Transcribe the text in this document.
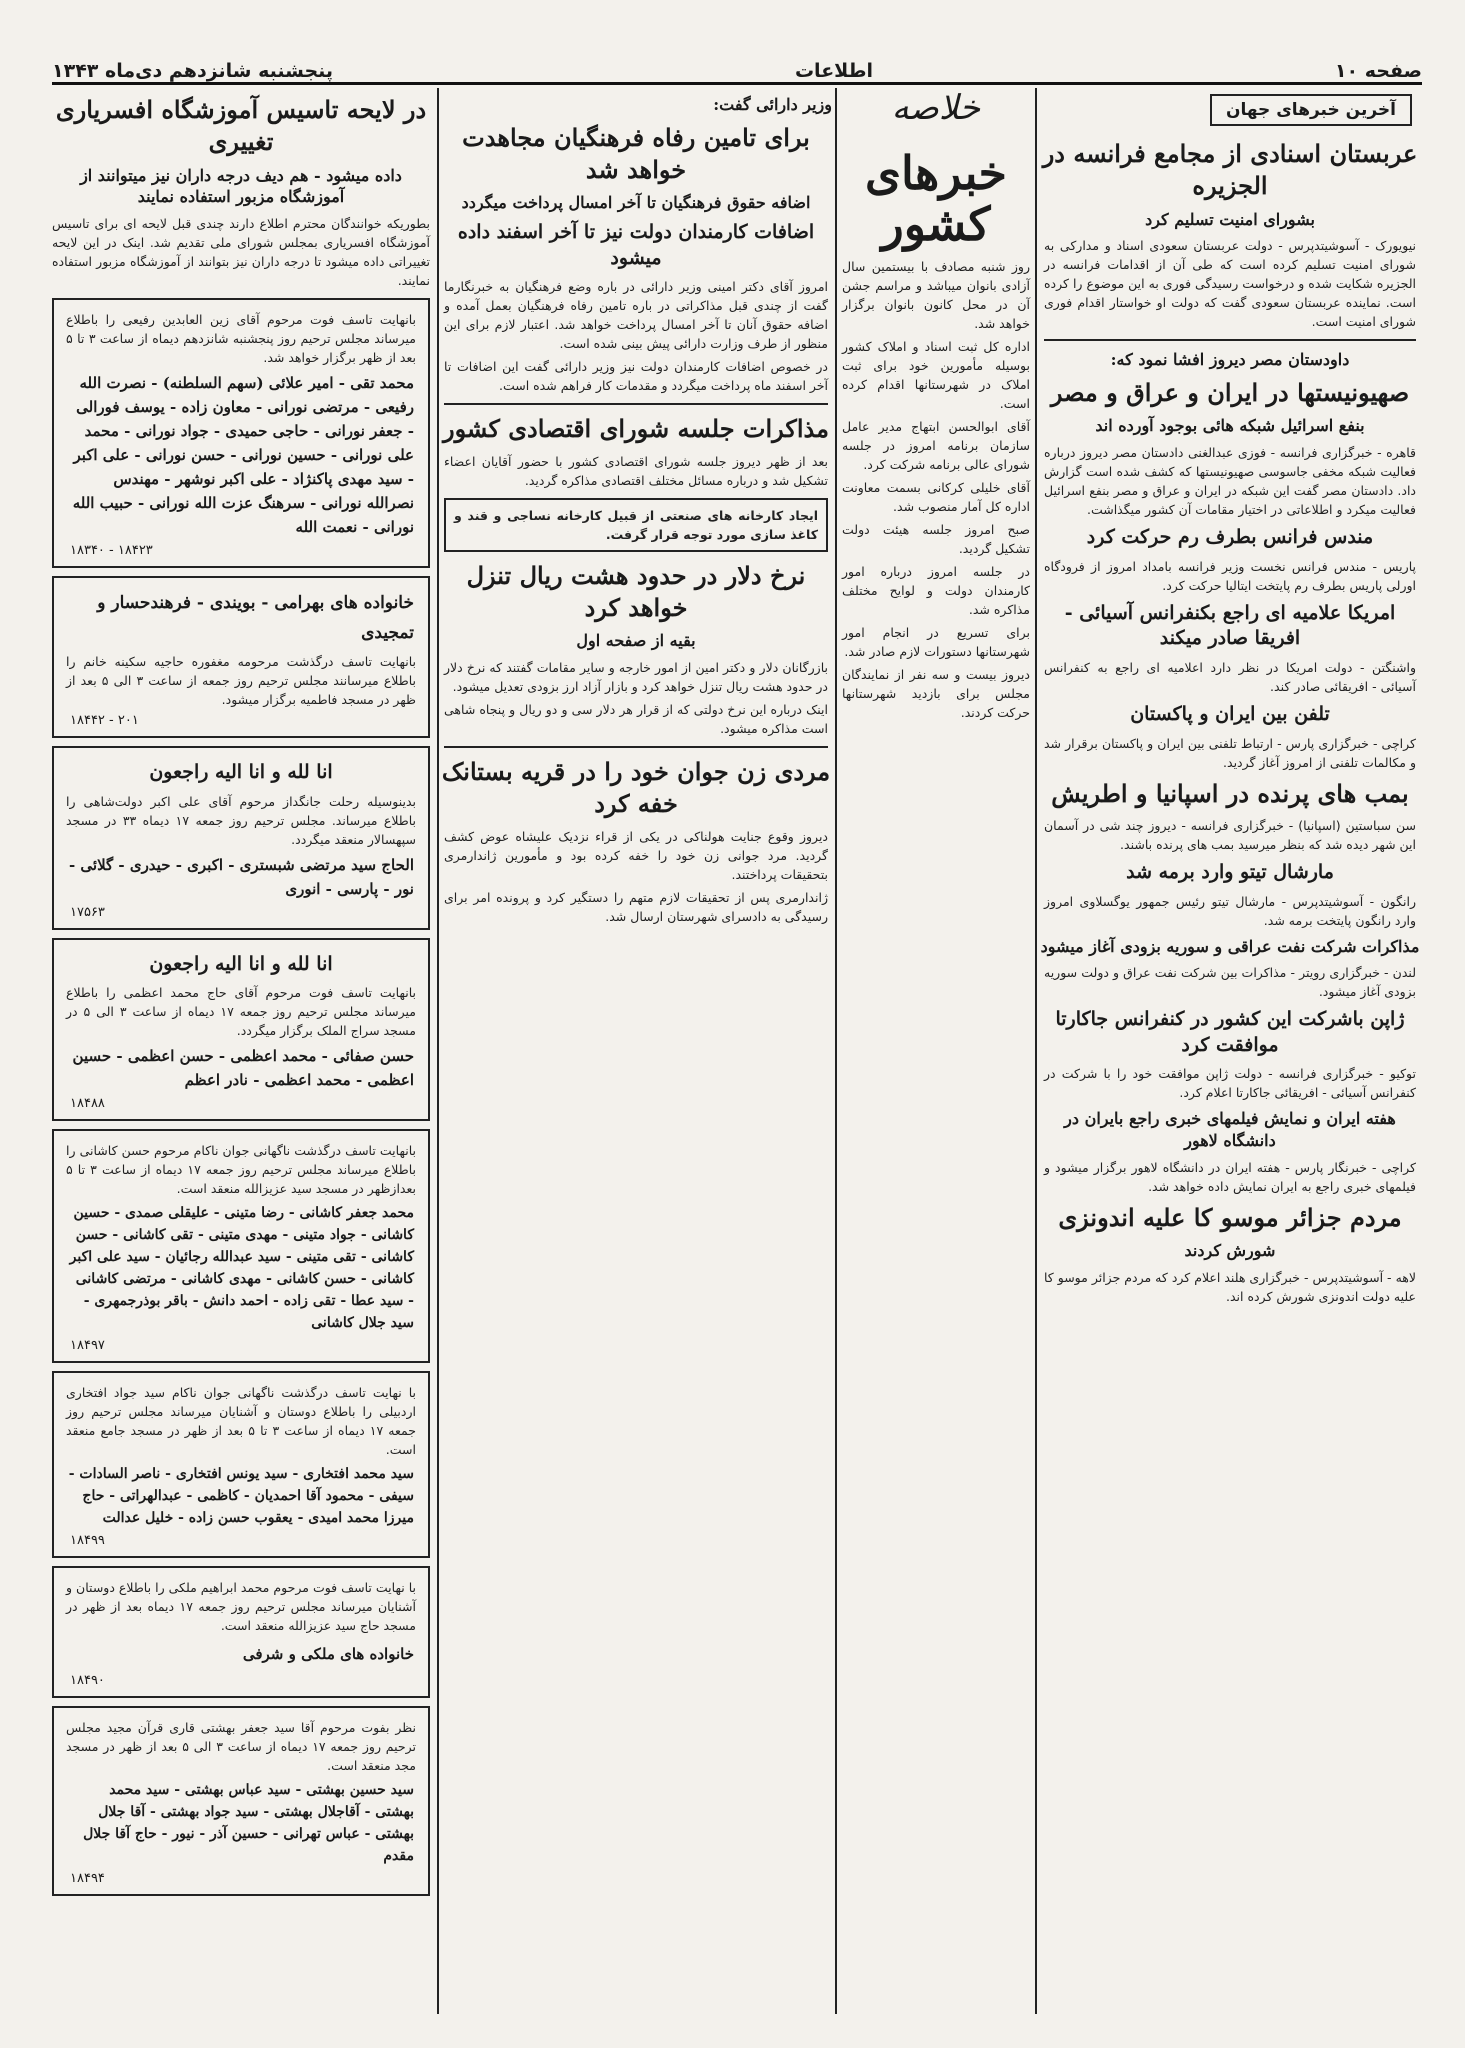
صفحه ۱۰
اطلاعات
پنجشنبه شانزدهم دی‌ماه ۱۳۴۳
آخرین خبرهای جهان
عربستان اسنادی از مجامع فرانسه در الجزیره
بشورای امنیت تسلیم کرد

نیویورک - آسوشیتدپرس - دولت عربستان سعودی اسناد و مدارکی به شورای امنیت تسلیم کرده است که طی آن از اقدامات فرانسه در الجزیره شکایت شده و درخواست رسیدگی فوری به این موضوع را کرده است. نماینده عربستان سعودی گفت که دولت او خواستار اقدام فوری شورای امنیت است.

داودستان مصر دیروز افشا نمود که:
صهیونیستها در ایران و عراق و مصر
بنفع اسرائیل شبکه هائی بوجود آورده اند

قاهره - خبرگزاری فرانسه - فوزی عبدالغنی دادستان مصر دیروز درباره فعالیت شبکه مخفی جاسوسی صهیونیستها که کشف شده است گزارش داد. دادستان مصر گفت این شبکه در ایران و عراق و مصر بنفع اسرائیل فعالیت میکرد و اطلاعاتی در اختیار مقامات آن کشور میگذاشت.

مندس فرانس بطرف رم حرکت کرد

پاریس - مندس فرانس نخست وزیر فرانسه بامداد امروز از فرودگاه اورلی پاریس بطرف رم پایتخت ایتالیا حرکت کرد.

امریکا علامیه ای راجع بکنفرانس آسیائی - افریقا صادر میکند

واشنگتن - دولت امریکا در نظر دارد اعلامیه ای راجع به کنفرانس آسیائی - افریقائی صادر کند.

تلفن بین ایران و پاکستان

کراچی - خبرگزاری پارس - ارتباط تلفنی بین ایران و پاکستان برقرار شد و مکالمات تلفنی از امروز آغاز گردید.

بمب های پرنده در اسپانیا و اطریش

سن سباستین (اسپانیا) - خبرگزاری فرانسه - دیروز چند شی در آسمان این شهر دیده شد که بنظر میرسید بمب های پرنده باشند.

مارشال تیتو وارد برمه شد

رانگون - آسوشیتدپرس - مارشال تیتو رئیس جمهور یوگسلاوی امروز وارد رانگون پایتخت برمه شد.

مذاکرات شرکت نفت عراقی و سوریه بزودی آغاز میشود

لندن - خبرگزاری رویتر - مذاکرات بین شرکت نفت عراق و دولت سوریه بزودی آغاز میشود.

ژاپن باشرکت این کشور در کنفرانس جاکارتا موافقت کرد

توکیو - خبرگزاری فرانسه - دولت ژاپن موافقت خود را با شرکت در کنفرانس آسیائی - افریقائی جاکارتا اعلام کرد.

هفته ایران و نمایش فیلمهای خبری راجع بایران در دانشگاه لاهور

کراچی - خبرنگار پارس - هفته ایران در دانشگاه لاهور برگزار میشود و فیلمهای خبری راجع به ایران نمایش داده خواهد شد.

مردم جزائر موسو کا علیه اندونزی
شورش کردند

لاهه - آسوشیتدپرس - خبرگزاری هلند اعلام کرد که مردم جزائر موسو کا علیه دولت اندونزی شورش کرده اند.

خلاصه
خبرهای کشور

روز شنبه مصادف با بیستمین سال آزادی بانوان میباشد و مراسم جشن آن در محل کانون بانوان برگزار خواهد شد.

اداره کل ثبت اسناد و املاک کشور بوسیله مأمورین خود برای ثبت املاک در شهرستانها اقدام کرده است.

آقای ابوالحسن ابتهاج مدیر عامل سازمان برنامه امروز در جلسه شورای عالی برنامه شرکت کرد.

آقای خلیلی کرکانی بسمت معاونت اداره کل آمار منصوب شد.

صبح امروز جلسه هیئت دولت تشکیل گردید.

در جلسه امروز درباره امور کارمندان دولت و لوایح مختلف مذاکره شد.

برای تسریع در انجام امور شهرستانها دستورات لازم صادر شد.

دیروز بیست و سه نفر از نمایندگان مجلس برای بازدید شهرستانها حرکت کردند.

وزیر دارائی گفت:
برای تامین رفاه فرهنگیان مجاهدت خواهد شد
اضافه حقوق فرهنگیان تا آخر امسال پرداخت میگردد
اضافات کارمندان دولت نیز تا آخر اسفند داده میشود

امروز آقای دکتر امینی وزیر دارائی در باره وضع فرهنگیان به خبرنگارما گفت از چندی قبل مذاکراتی در باره تامین رفاه فرهنگیان بعمل آمده و اضافه حقوق آنان تا آخر امسال پرداخت خواهد شد. اعتبار لازم برای این منظور از طرف وزارت دارائی پیش بینی شده است.

در خصوص اضافات کارمندان دولت نیز وزیر دارائی گفت این اضافات تا آخر اسفند ماه پرداخت میگردد و مقدمات کار فراهم شده است.

مذاکرات جلسه شورای اقتصادی کشور

بعد از ظهر دیروز جلسه شورای اقتصادی کشور با حضور آقایان اعضاء تشکیل شد و درباره مسائل مختلف اقتصادی مذاکره گردید.

ایجاد کارخانه های صنعتی از قبیل کارخانه نساجی و قند و کاغذ سازی مورد توجه قرار گرفت.

نرخ دلار در حدود هشت ریال تنزل خواهد کرد
بقیه از صفحه اول

بازرگانان دلار و دکتر امین از امور خارجه و سایر مقامات گفتند که نرخ دلار در حدود هشت ریال تنزل خواهد کرد و بازار آزاد ارز بزودی تعدیل میشود.

اینک درباره این نرخ دولتی که از قرار هر دلار سی و دو ریال و پنجاه شاهی است مذاکره میشود.

مردی زن جوان خود را در قریه بستانک خفه کرد

دیروز وقوع جنایت هولناکی در یکی از قراء نزدیک علیشاه عوض کشف گردید. مرد جوانی زن خود را خفه کرده بود و مأمورین ژاندارمری بتحقیقات پرداختند.

ژاندارمری پس از تحقیقات لازم متهم را دستگیر کرد و پرونده امر برای رسیدگی به دادسرای شهرستان ارسال شد.

در لایحه تاسیس آموزشگاه افسریاری تغییری
داده میشود - هم دیف درجه داران نیز میتوانند از آموزشگاه مزبور استفاده نمایند

بطوریکه خوانندگان محترم اطلاع دارند چندی قبل لایحه ای برای تاسیس آموزشگاه افسریاری بمجلس شورای ملی تقدیم شد. اینک در این لایحه تغییراتی داده میشود تا درجه داران نیز بتوانند از آموزشگاه مزبور استفاده نمایند.

بانهایت تاسف فوت مرحوم آقای زین العابدین رفیعی را باطلاع میرساند مجلس ترحیم روز پنجشنبه شانزدهم دیماه از ساعت ۳ تا ۵ بعد از ظهر برگزار خواهد شد.

محمد تقی - امیر علائی (سهم السلطنه) - نصرت الله رفیعی - مرتضی نورانی - معاون زاده - یوسف فورالی - جعفر نورانی - حاجی حمیدی - جواد نورانی - محمد علی نورانی - حسین نورانی - حسن نورانی - علی اکبر - سید مهدی پاکنژاد - علی اکبر نوشهر - مهندس نصرالله نورانی - سرهنگ عزت الله نورانی - حبیب الله نورانی - نعمت الله
۱۸۳۴۰ - ۱۸۴۲۳
خانواده های بهرامی - بویندی - فرهندحسار و تمجیدی

بانهایت تاسف درگذشت مرحومه مغفوره حاجیه سکینه خانم را باطلاع میرسانند مجلس ترحیم روز جمعه از ساعت ۳ الی ۵ بعد از ظهر در مسجد فاطمیه برگزار میشود.

۱۸۴۴۲ - ۲۰۱
انا لله و انا الیه راجعون

بدینوسیله رحلت جانگداز مرحوم آقای علی اکبر دولت‌شاهی را باطلاع میرساند. مجلس ترحیم روز جمعه ۱۷ دیماه ۳۳ در مسجد سپهسالار منعقد میگردد.

الحاج سید مرتضی شبستری - اکبری - حیدری - گلائی - نور - پارسی - انوری
۱۷۵۶۳
انا لله و انا الیه راجعون

بانهایت تاسف فوت مرحوم آقای حاج محمد اعظمی را باطلاع میرساند مجلس ترحیم روز جمعه ۱۷ دیماه از ساعت ۳ الی ۵ در مسجد سراج الملک برگزار میگردد.

حسن صفائی - محمد اعظمی - حسن اعظمی - حسین اعظمی - محمد اعظمی - نادر اعظم
۱۸۴۸۸

بانهایت تاسف درگذشت ناگهانی جوان ناکام مرحوم حسن کاشانی را باطلاع میرساند مجلس ترحیم روز جمعه ۱۷ دیماه از ساعت ۳ تا ۵ بعدازظهر در مسجد سید عزیزالله منعقد است.

محمد جعفر کاشانی - رضا متینی - علیقلی صمدی - حسین کاشانی - جواد متینی - مهدی متینی - تقی کاشانی - حسن کاشانی - تقی متینی - سید عبدالله رجائیان - سید علی اکبر کاشانی - حسن کاشانی - مهدی کاشانی - مرتضی کاشانی - سید عطا - تقی زاده - احمد دانش - باقر بوذرجمهری - سید جلال کاشانی
۱۸۴۹۷

با نهایت تاسف درگذشت ناگهانی جوان ناکام سید جواد افتخاری اردبیلی را باطلاع دوستان و آشنایان میرساند مجلس ترحیم روز جمعه ۱۷ دیماه از ساعت ۳ تا ۵ بعد از ظهر در مسجد جامع منعقد است.

سید محمد افتخاری - سید یونس افتخاری - ناصر السادات - سیفی - محمود آقا احمدیان - کاظمی - عبدالهراتی - حاج میرزا محمد امیدی - یعقوب حسن زاده - خلیل عدالت
۱۸۴۹۹

با نهایت تاسف فوت مرحوم محمد ابراهیم ملکی را باطلاع دوستان و آشنایان میرساند مجلس ترحیم روز جمعه ۱۷ دیماه بعد از ظهر در مسجد حاج سید عزیزالله منعقد است.

خانواده های ملکی و شرفی
۱۸۴۹۰

نظر بفوت مرحوم آقا سید جعفر بهشتی قاری قرآن مجید مجلس ترحیم روز جمعه ۱۷ دیماه از ساعت ۳ الی ۵ بعد از ظهر در مسجد مجد منعقد است.

سید حسین بهشتی - سید عباس بهشتی - سید محمد بهشتی - آقاجلال بهشتی - سید جواد بهشتی - آقا جلال بهشتی - عباس تهرانی - حسین آذر - نیور - حاج آقا جلال مقدم
۱۸۴۹۴
